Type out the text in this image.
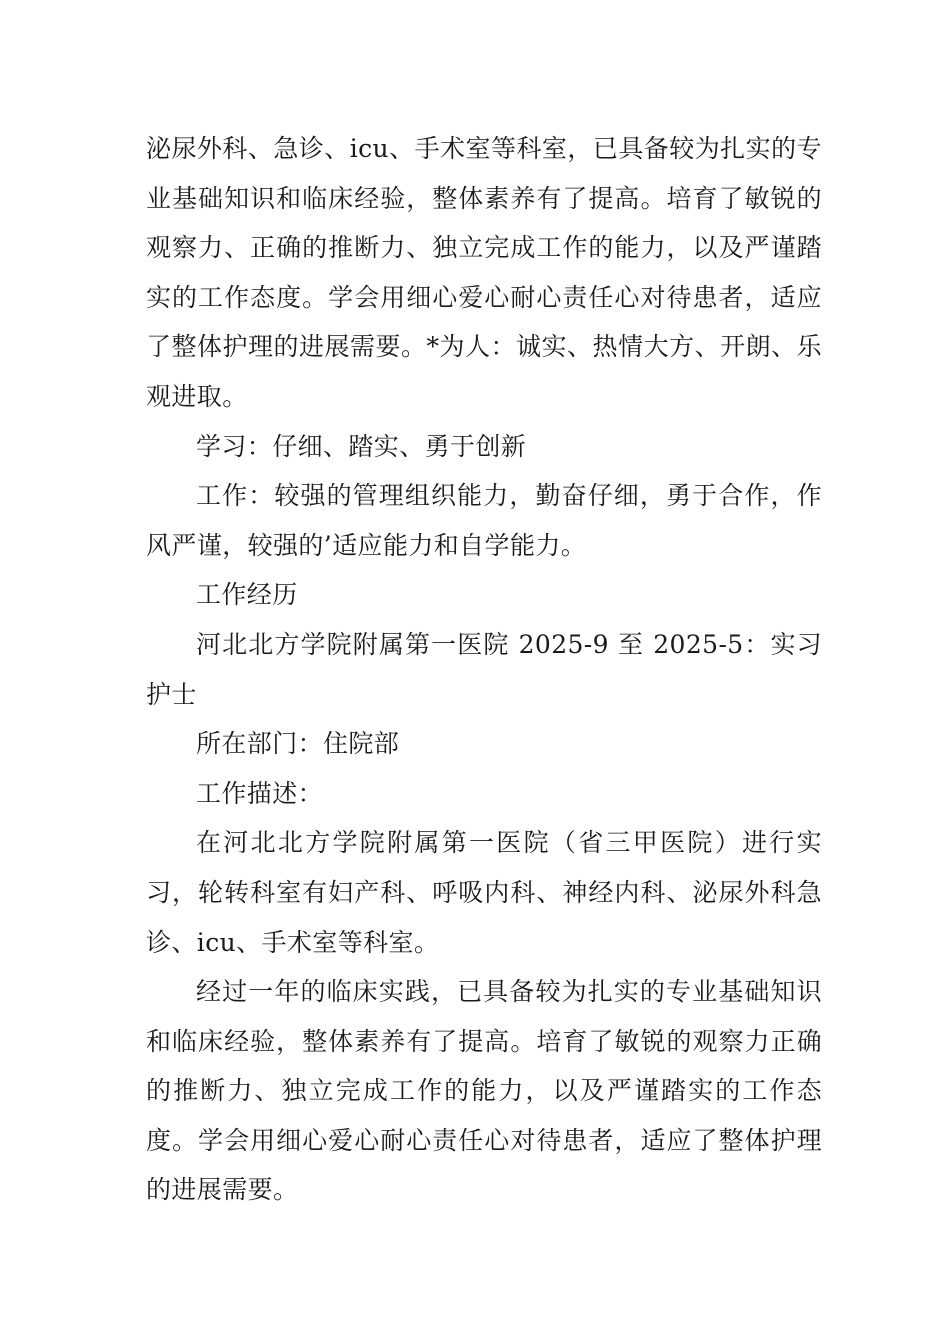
泌尿外科、急诊、icu、手术室等科室，已具备较为扎实的专业基础知识和临床经验，整体素养有了提高。培育了敏锐的观察力、正确的推断力、独立完成工作的能力，以及严谨踏实的工作态度。学会用细心爱心耐心责任心对待患者，适应了整体护理的进展需要。*为人：诚实、热情大方、开朗、乐观进取。

学习：仔细、踏实、勇于创新

工作：较强的管理组织能力，勤奋仔细，勇于合作，作风严谨，较强的’适应能力和自学能力。

工作经历

河北北方学院附属第一医院 2025-9 至 2025-5：实习护士

所在部门：住院部

工作描述：

在河北北方学院附属第一医院（省三甲医院）进行实习，轮转科室有妇产科、呼吸内科、神经内科、泌尿外科急诊、icu、手术室等科室。

经过一年的临床实践，已具备较为扎实的专业基础知识和临床经验，整体素养有了提高。培育了敏锐的观察力正确的推断力、独立完成工作的能力，以及严谨踏实的工作态度。学会用细心爱心耐心责任心对待患者，适应了整体护理的进展需要。
